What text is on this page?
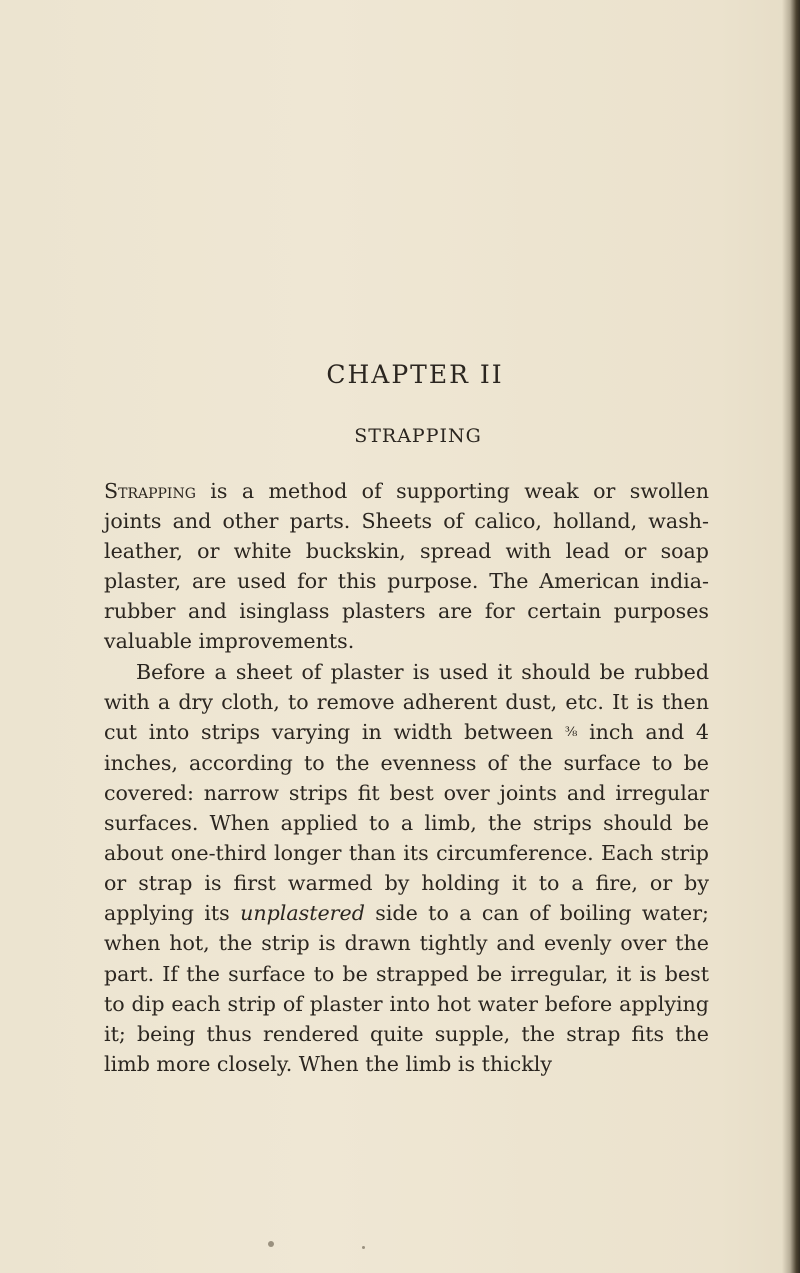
CHAPTER II
STRAPPING

Strapping is a method of supporting weak or swollen joints and other parts. Sheets of calico, holland, wash-leather, or white buckskin, spread with lead or soap plaster, are used for this purpose. The American india-rubber and isinglass plasters are for certain purposes valuable improvements.

Before a sheet of plaster is used it should be rubbed with a dry cloth, to remove adherent dust, etc. It is then cut into strips varying in width between ⅜ inch and 4 inches, according to the evenness of the surface to be covered: narrow strips fit best over joints and irregular surfaces. When applied to a limb, the strips should be about one-third longer than its circumference. Each strip or strap is first warmed by holding it to a fire, or by applying its unplastered side to a can of boiling water; when hot, the strip is drawn tightly and evenly over the part. If the surface to be strapped be irregular, it is best to dip each strip of plaster into hot water before applying it; being thus rendered quite supple, the strap fits the limb more closely. When the limb is thickly
